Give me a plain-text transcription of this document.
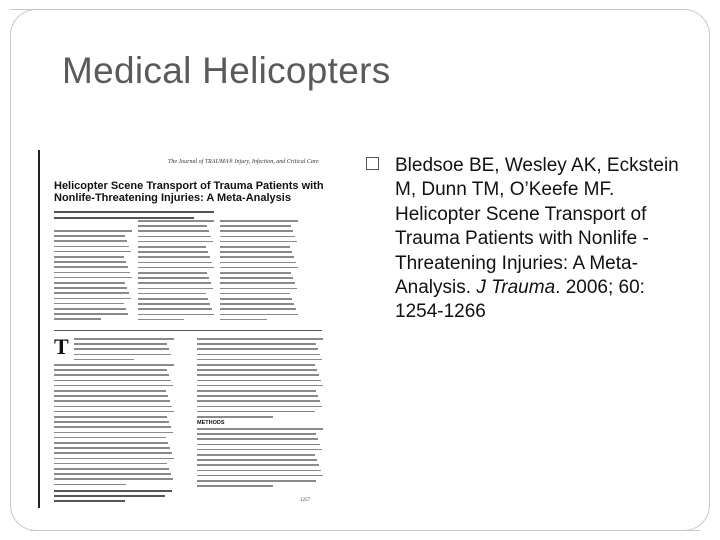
Medical Helicopters
The Journal of TRAUMA® Injury, Infection, and Critical Care
Helicopter Scene Transport of Trauma Patients with Nonlife-Threatening Injuries: A Meta-Analysis
T
METHODS
1257
Bledsoe BE, Wesley AK, Eckstein M, Dunn TM, O’Keefe MF. Helicopter Scene Transport of Trauma Patients with Nonlife -Threatening Injuries: A Meta-Analysis. J Trauma. 2006; 60: 1254-1266
